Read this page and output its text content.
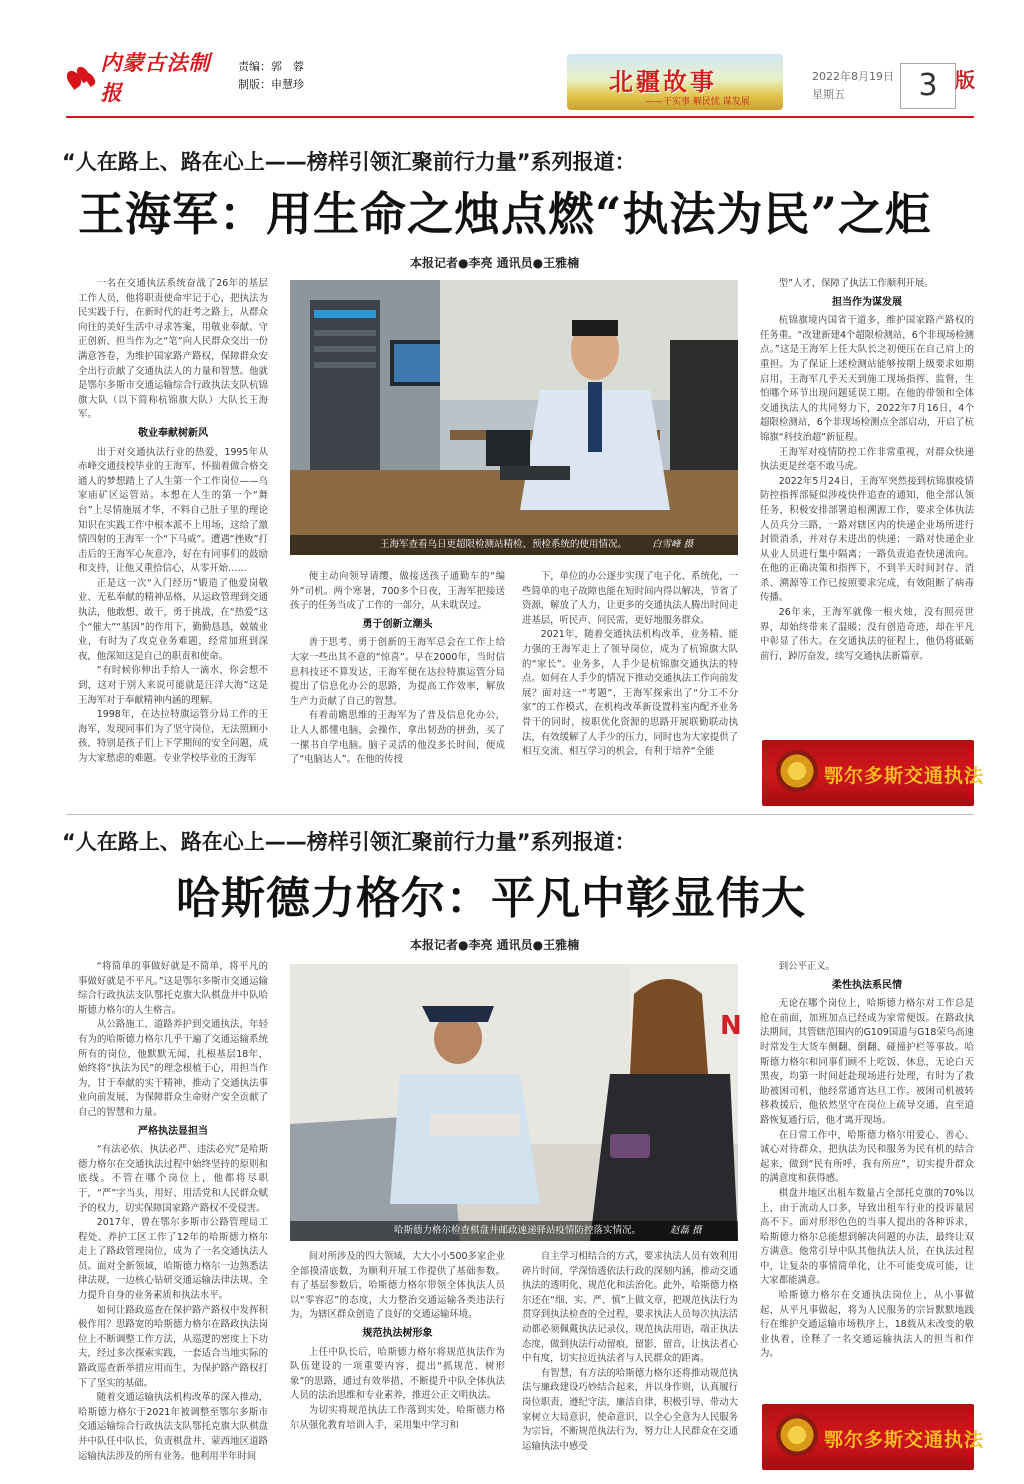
内蒙古法制报
责编：郭　蓉
制版：申慧珍	北疆故事
——干实事 解民忧 谋发展
2022年8月19日
星期五	3 版
“人在路上、路在心上——榜样引领汇聚前行力量”系列报道：
王海军：用生命之烛点燃“执法为民”之炬
本报记者●李亮 通讯员●王雅楠

一名在交通执法系统奋战了26年的基层工作人员，他将职责使命牢记于心，把执法为民实践于行，在新时代的赶考之路上，从群众向往的美好生活中寻求答案，用敬业奉献、守正创新、担当作为之“笔”向人民群众交出一份满意答卷，为维护国家路产路权，保障群众安全出行贡献了交通执法人的力量和智慧。他就是鄂尔多斯市交通运输综合行政执法支队杭锦旗大队（以下简称杭锦旗大队）大队长王海军。

敬业奉献树新风

出于对交通执法行业的热爱，1995年从赤峰交通技校毕业的王海军，怀揣着做合格交通人的梦想踏上了人生第一个工作岗位——乌家庙矿区运管站。本想在人生的第一个“舞台”上尽情施展才华，不料自己肚子里的理论知识在实践工作中根本派不上用场，这给了激情四射的王海军一个“下马威”。遭遇“挫败”打击后的王海军心灰意冷，好在有同事们的鼓励和支持，让他又重拾信心，从零开始……

正是这一次“入门经历”锻造了他爱岗敬业、无私奉献的精神品格，从运政管理到交通执法，他敢想、敢干，勇于挑战，在“热爱”这个“催大”“基因”的作用下，勤勤恳恳，兢兢业业，有时为了攻克业务难题，经常加班到深夜，他深知这是自己的职责和使命。

“有时候你伸出手给人一滴水，你会想不到，这对于别人来说可能就是汪洋大海”这是王海军对于奉献精神内涵的理解。

1998年，在达拉特旗运管分局工作的王海军，发现同事们为了坚守岗位，无法照顾小孩，特别是孩子们上下学期间的安全问题，成为大家愁虑的难题。专业学校毕业的王海军

王海军查看乌日更超限检测站精检、预检系统的使用情况。	白雪峰 摄

便主动向领导请缨，做接送孩子通勤车的“编外”司机。两个寒暑，700多个日夜，王海军把接送孩子的任务当成了工作的一部分，从未耽误过。

勇于创新立潮头

善于思考、勇于创新的王海军总会在工作上给大家一些出其不意的“惊喜”。早在2000年，当时信息科技还不算发达，王海军便在达拉特旗运管分局提出了信息化办公的思路，为提高工作效率，解放生产力贡献了自己的智慧。

有着前瞻思维的王海军为了普及信息化办公，让人人都懂电脑，会操作，拿出韧劲的拼劲，买了一摞书自学电脑。脑子灵活的他没多长时间，便成了“电脑达人”。在他的传授

下，单位的办公逐步实现了电子化、系统化，一些简单的电子故障也能在短时间内得以解决，节省了资源，解放了人力，让更多的交通执法人腾出时间走进基层，听民声、问民需，更好地服务群众。

2021年，随着交通执法机构改革，业务精、能力强的王海军走上了领导岗位，成为了杭锦旗大队的“家长”。业务多，人手少是杭锦旗交通执法的特点。如何在人手少的情况下推动交通执法工作向前发展？面对这一“考题”，王海军探索出了“分工不分家”的工作模式，在机构改革新设置科室内配齐业务骨干的同时，按职优化资源的思路开展联勤联动执法，有效缓解了人手少的压力，同时也为大家提供了相互交流、相互学习的机会，有利于培养“全能

型”人才，保障了执法工作顺利开展。

担当作为谋发展

杭锦旗境内国省干道多，维护国家路产路权的任务重。“改建新建4个超限检测站，6个非现场检测点。”这是王海军上任大队长之初便压在自己肩上的重担。为了保证上述检测站能够按期上级要求如期启用，王海军几乎天天到施工现场指挥、监督，生怕哪个环节出现问题延误工期。在他的带领和全体交通执法人的共同努力下，2022年7月16日，4个超限检测站，6个非现场检测点全部启动，开启了杭锦旗“科技治超”新征程。

王海军对疫情防控工作非常重视，对群众快递执法更是丝毫不敢马虎。

2022年5月24日，王海军突然接到杭锦旗疫情防控指挥部疑似涉疫快件追查的通知，他全部认领任务，积极安排部署追根溯源工作，要求全体执法人员兵分三路，一路对辖区内的快递企业场所进行封锁消杀，并对存未进出的快递；一路对快递企业从业人员进行集中隔离；一路负责追查快递流向。在他的正确决策和指挥下，不到半天时间封存、消杀、溯源等工作已按照要求完成，有效阻断了病毒传播。

26年来，王海军就像一根火烛，没有照亮世界，却始终带来了温暖；没有创造奇迹，却在平凡中彰显了伟大。在交通执法的征程上，他仍将砥砺前行，踔厉奋发，续写交通执法新篇章。

鄂尔多斯交通执法
“人在路上、路在心上——榜样引领汇聚前行力量”系列报道：
哈斯德力格尔：平凡中彰显伟大
本报记者●李亮 通讯员●王雅楠

“将简单的事做好就是不简单，将平凡的事做好就是不平凡。”这是鄂尔多斯市交通运输综合行政执法支队鄂托克旗大队棋盘井中队哈斯德力格尔的人生格言。

从公路施工、道路养护到交通执法，年轻有为的哈斯德力格尔几乎干遍了交通运输系统所有的岗位，他默默无闻，扎根基层18年，始终将“执法为民”的理念根植于心，用担当作为，甘于奉献的实干精神，推动了交通执法事业向前发展，为保障群众生命财产安全贡献了自己的智慧和力量。

严格执法显担当

“有法必依、执法必严、违法必究”是哈斯德力格尔在交通执法过程中始终坚持的原则和底线。不管在哪个岗位上，他都将尽职于，“严”字当头，用好、用活党和人民群众赋予的权力，切实保障国家路产路权不受侵害。

2017年，曾在鄂尔多斯市公路管理局工程处、养护工区工作了12年的哈斯德力格尔走上了路政管理岗位，成为了一名交通执法人员。面对全新领域，哈斯德力格尔一边熟悉法律法规，一边核心钻研交通运输法律法规、全力提升自身的业务素质和执法水平。

如何让路政巡查在保护路产路权中发挥积极作用？思路宽的哈斯德力格尔在路政执法岗位上不断调整工作方法，从巡逻的密度上下功夫，经过多次探索实践，一套适合当地实际的路政巡查新举措应用而生，为保护路产路权打下了坚实的基础。

随着交通运输执法机构改革的深入推动，哈斯德力格尔于2021年被调整至鄂尔多斯市交通运输综合行政执法支队鄂托克旗大队棋盘井中队任中队长，负责棋盘井、蒙西地区道路运输执法涉及的所有业务。他利用半年时间

N
哈斯德力格尔检查棋盘井邮政速递驿站疫情防控落实情况。	赵磊 摄

间对所涉及的四大领域，大大小小500多家企业全部摸清底数，为顺利开展工作提供了基础参数。有了基层参数后，哈斯德力格尔带领全体执法人员以“零容忍”的态度，大力整治交通运输各类违法行为，为辖区群众创造了良好的交通运输环境。

规范执法树形象

上任中队长后，哈斯德力格尔将规范执法作为队伍建设的一项重要内容，提出“抓规范、树形象”的思路，通过有效举措，不断提升中队全体执法人员的法治思维和专业素养，推进公正文明执法。

为切实将规范执法工作落到实处，哈斯德力格尔从强化教育培训入手，采用集中学习和

自主学习相结合的方式，要求执法人员有效利用碎片时间，学深悟透依法行政的深刻内涵，推动交通执法的透明化、规范化和法治化。此外，哈斯德力格尔还在“细、实、严、慎”上做文章，把规范执法行为贯穿到执法检查的全过程，要求执法人员每次执法活动都必须佩戴执法记录仪，规范执法用语，端正执法态度，做到执法行动留痕，留影，留音，让执法者心中有度，切实拉近执法者与人民群众的距离。

有智慧，有方法的哈斯德力格尔还将推动规范执法与廉政建设巧妙结合起来，并以身作则，认真履行岗位职责，遵纪守法，廉洁自律，积极引导、带动大家树立大局意识，使命意识，以全心全意为人民服务为宗旨，不断规范执法行为，努力让人民群众在交通运输执法中感受

到公平正义。

柔性执法系民情

无论在哪个岗位上，哈斯德力格尔对工作总是抢在前面，加班加点已经成为家常便饭。在路政执法期间，其管辖范围内的G109国道与G18荣乌高速时常发生大货车侧翻、倒翻、碰撞护栏等事故。哈斯德力格尔和同事们顾不上吃饭、休息，无论白天黑夜，均第一时间赶赴现场进行处理，有时为了救助被困司机，他经常通宵达旦工作。被困司机被转移救援后，他依然坚守在岗位上疏导交通，直至道路恢复通行后，他才离开现场。

在日常工作中，哈斯德力格尔用爱心、善心、诚心对待群众，把执法为民和服务为民有机的结合起来，做到“民有所呼，我有所应”，切实提升群众的满意度和获得感。

棋盘井地区出租车数量占全部托克旗的70%以上，由于流动人口多，导致出租车行业的投诉量居高不下。面对形形色色的当事人提出的各种诉求，哈斯德力格尔总能想到解决问题的办法，最终让双方满意。他常引导中队其他执法人员，在执法过程中，让复杂的事情简单化，让不可能变成可能，让大家都能满意。

哈斯德力格尔在交通执法岗位上，从小事做起，从平凡事做起，将为人民服务的宗旨默默地践行在维护交通运输市场秩序上，18载从未改变的敬业执着，诠释了一名交通运输执法人的担当和作为。

鄂尔多斯交通执法
